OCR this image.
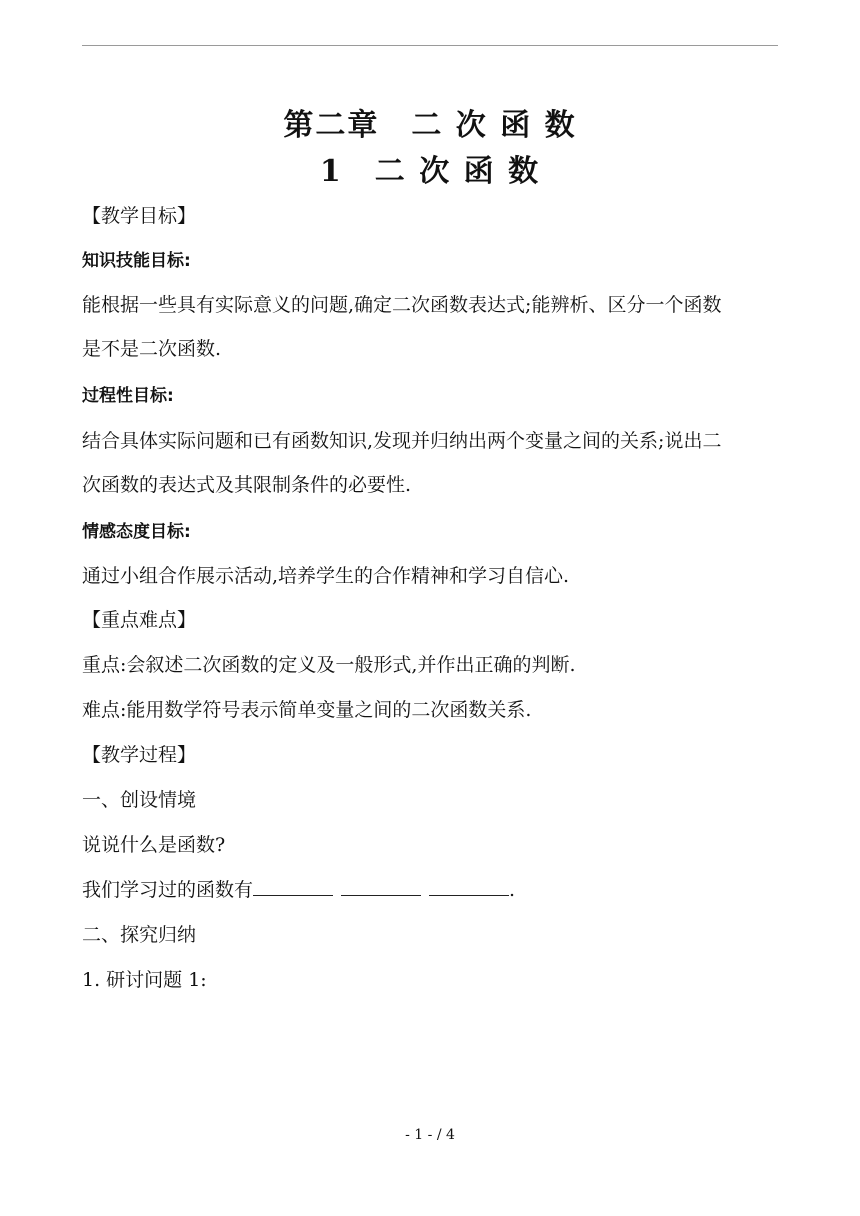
第二章　二 次 函 数
1　二 次 函 数
【教学目标】
知识技能目标:
能根据一些具有实际意义的问题,确定二次函数表达式;能辨析、区分一个函数
是不是二次函数.
过程性目标:
结合具体实际问题和已有函数知识,发现并归纳出两个变量之间的关系;说出二
次函数的表达式及其限制条件的必要性.
情感态度目标:
通过小组合作展示活动,培养学生的合作精神和学习自信心.
【重点难点】
重点:会叙述二次函数的定义及一般形式,并作出正确的判断.
难点:能用数学符号表示简单变量之间的二次函数关系.
【教学过程】
一、创设情境
说说什么是函数?
我们学习过的函数有	.
二、探究归纳
1. 研讨问题 1:
- 1 - / 4
